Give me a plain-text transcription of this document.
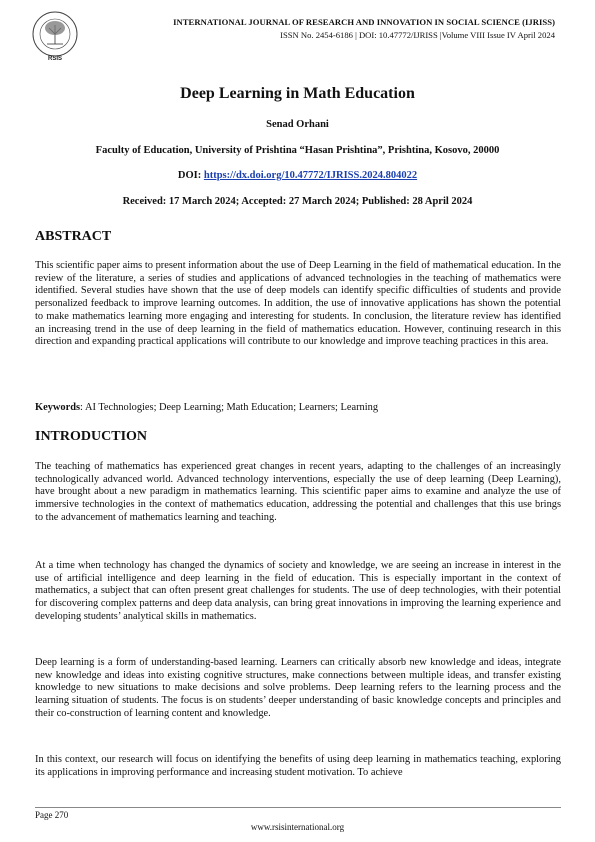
RSIS
INTERNATIONAL JOURNAL OF RESEARCH AND INNOVATION IN SOCIAL SCIENCE (IJRISS)
ISSN No. 2454-6186 | DOI: 10.47772/IJRISS |Volume VIII Issue IV April 2024
Deep Learning in Math Education
Senad Orhani
Faculty of Education, University of Prishtina “Hasan Prishtina”, Prishtina, Kosovo, 20000
DOI: https://dx.doi.org/10.47772/IJRISS.2024.804022
Received: 17 March 2024; Accepted: 27 March 2024; Published: 28 April 2024
ABSTRACT

This scientific paper aims to present information about the use of Deep Learning in the field of mathematical education. In the review of the literature, a series of studies and applications of advanced technologies in the teaching of mathematics were identified. Several studies have shown that the use of deep models can identify specific difficulties of students and provide personalized feedback to improve learning outcomes. In addition, the use of innovative applications has shown the potential to make mathematics learning more engaging and interesting for students. In conclusion, the literature review has identified an increasing trend in the use of deep learning in the field of mathematics education. However, continuing research in this direction and expanding practical applications will contribute to our knowledge and improve teaching practices in this area.

Keywords: AI Technologies; Deep Learning; Math Education; Learners; Learning
INTRODUCTION

The teaching of mathematics has experienced great changes in recent years, adapting to the challenges of an increasingly technologically advanced world. Advanced technology interventions, especially the use of deep learning (Deep Learning), have brought about a new paradigm in mathematics learning. This scientific paper aims to examine and analyze the use of immersive technologies in the context of mathematics education, addressing the potential and challenges that this use brings to the advancement of mathematics learning and teaching.

At a time when technology has changed the dynamics of society and knowledge, we are seeing an increase in interest in the use of artificial intelligence and deep learning in the field of education. This is especially important in the context of mathematics, a subject that can often present great challenges for students. The use of deep technologies, with their potential for discovering complex patterns and deep data analysis, can bring great innovations in improving the learning experience and developing students’ analytical skills in mathematics.

Deep learning is a form of understanding-based learning. Learners can critically absorb new knowledge and ideas, integrate new knowledge and ideas into existing cognitive structures, make connections between multiple ideas, and transfer existing knowledge to new situations to make decisions and solve problems. Deep learning refers to the learning process and the learning situation of students. The focus is on students’ deeper understanding of basic knowledge concepts and principles and their co-construction of learning content and knowledge.

In this context, our research will focus on identifying the benefits of using deep learning in mathematics teaching, exploring its applications in improving performance and increasing student motivation. To achieve

Page 270
www.rsisinternational.org
